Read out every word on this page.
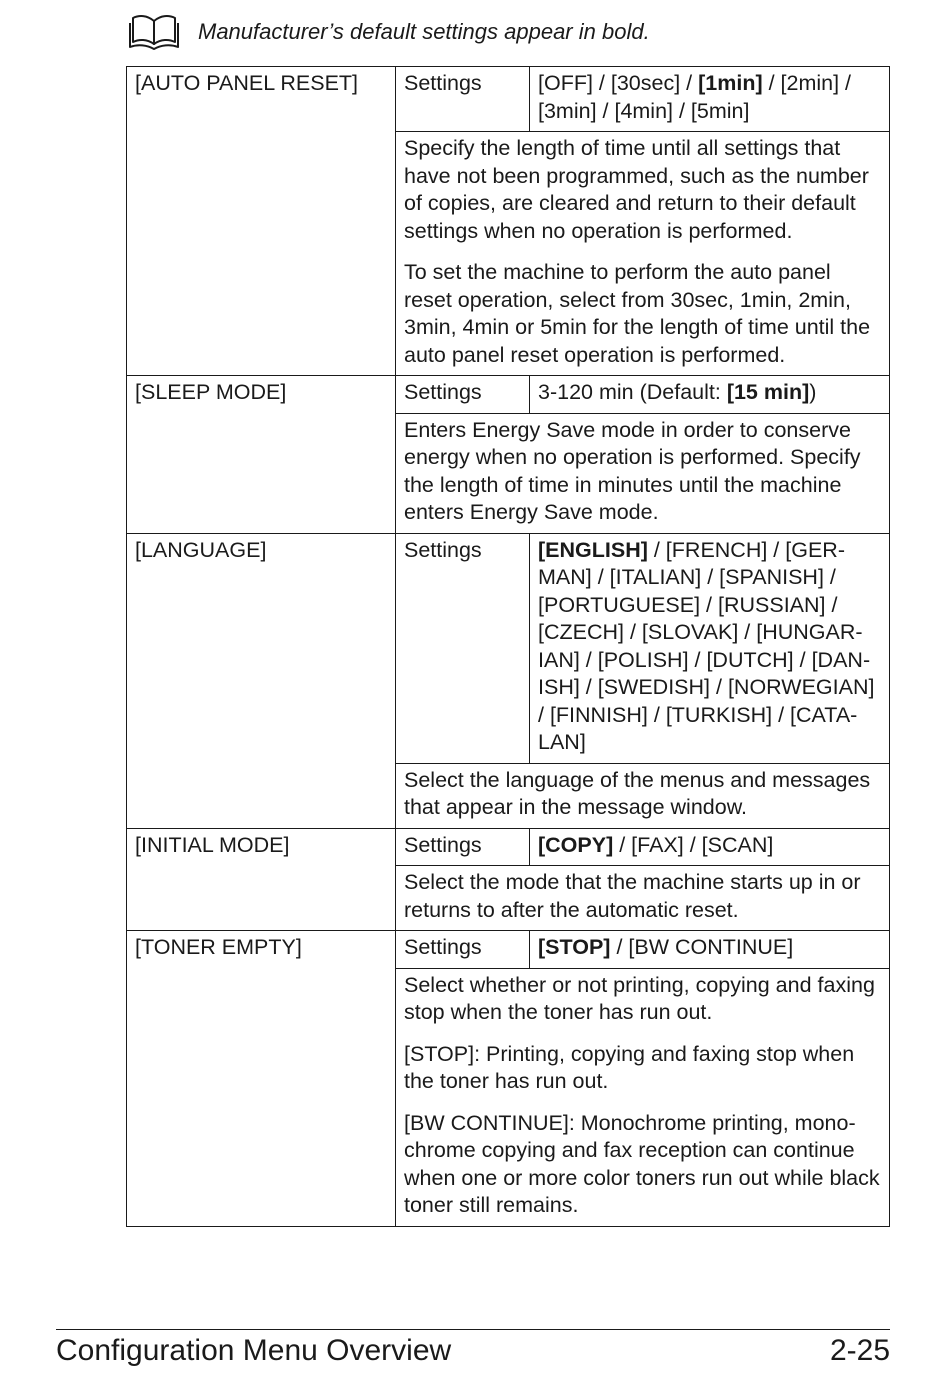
Manufacturer’s default settings appear in bold.
[AUTO PANEL RESET]	Settings	[OFF] / [30sec] / [1min] / [2min] / [3min] / [4min] / [5min]

	Specify the length of time until all settings that have not been programmed, such as the number of copies, are cleared and return to their default settings when no operation is performed.

To set the machine to perform the auto panel reset operation, select from 30sec, 1min, 2min, 3min, 4min or 5min for the length of time until the auto panel reset operation is performed.	

[SLEEP MODE]	Settings	3-120 min (Default: [15 min])

	Enters Energy Save mode in order to conserve energy when no operation is performed. Specify the length of time in minutes until the machine enters Energy Save mode.	

[LANGUAGE]	Settings	[ENGLISH] / [FRENCH] / [GERMAN] / [ITALIAN] / [SPANISH] / [PORTUGUESE] / [RUSSIAN] / [CZECH] / [SLOVAK] / [HUNGARIAN] / [POLISH] / [DUTCH] / [DANISH] / [SWEDISH] / [NORWEGIAN] / [FINNISH] / [TURKISH] / [CATALAN]

	Select the language of the menus and messages that appear in the message window.	

[INITIAL MODE]	Settings	[COPY] / [FAX] / [SCAN]

	Select the mode that the machine starts up in or returns to after the automatic reset.	

[TONER EMPTY]	Settings	[STOP] / [BW CONTINUE]

	Select whether or not printing, copying and faxing stop when the toner has run out.

[STOP]: Printing, copying and faxing stop when the toner has run out.

[BW CONTINUE]: Monochrome printing, monochrome copying and fax reception can continue when one or more color toners run out while black toner still remains.	

Configuration Menu Overview	2-25
